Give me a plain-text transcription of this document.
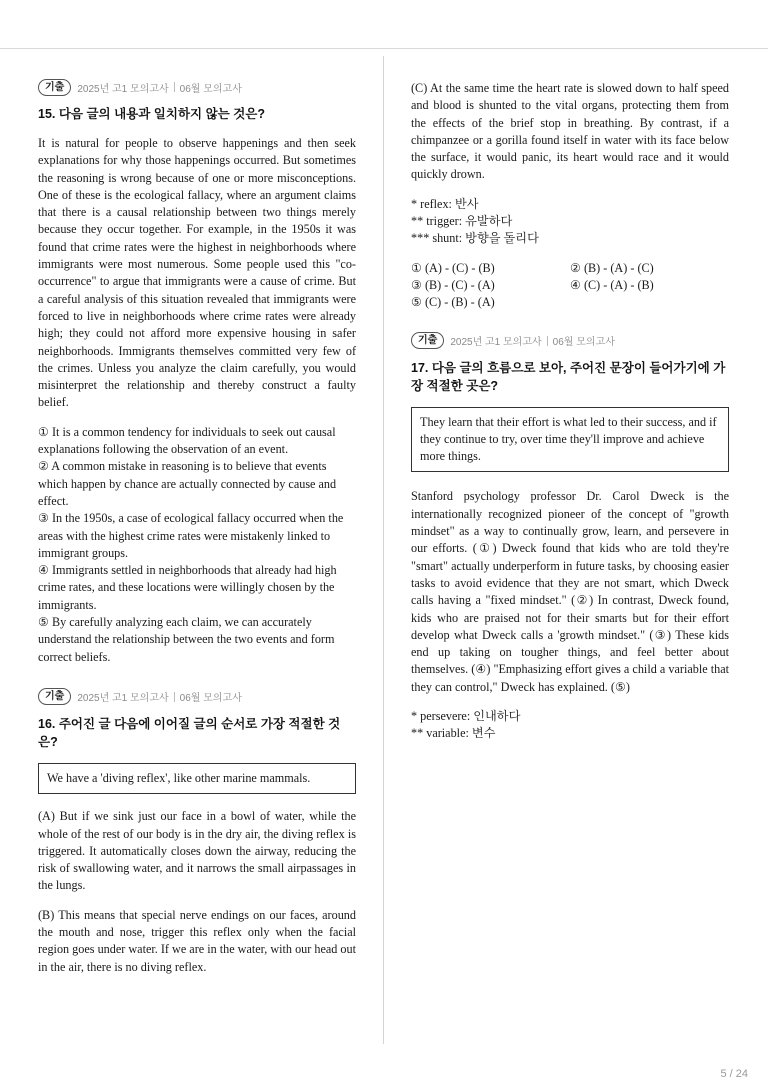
기출	2025년 고1 모의고사 06월 모의고사

15. 다음 글의 내용과 일치하지 않는 것은?

It is natural for people to observe happenings and then seek explanations for why those happenings occurred. But sometimes the reasoning is wrong because of one or more misconceptions. One of these is the ecological fallacy, where an argument claims that there is a causal relationship between two things merely because they occur together. For example, in the 1950s it was found that crime rates were the highest in neighborhoods where immigrants were most numerous. Some people used this "co-occurrence" to argue that immigrants were a cause of crime. But a careful analysis of this situation revealed that immigrants were forced to live in neighborhoods where crime rates were already high; they could not afford more expensive housing in safer neighborhoods. Immigrants themselves committed very few of the crimes. Unless you analyze the claim carefully, you would misinterpret the relationship and thereby construct a faulty belief.

① It is a common tendency for individuals to seek out causal explanations following the observation of an event.

② A common mistake in reasoning is to believe that events which happen by chance are actually connected by cause and effect.

③ In the 1950s, a case of ecological fallacy occurred when the areas with the highest crime rates were mistakenly linked to immigrant groups.

④ Immigrants settled in neighborhoods that already had high crime rates, and these locations were willingly chosen by the immigrants.

⑤ By carefully analyzing each claim, we can accurately understand the relationship between the two events and form correct beliefs.

기출	2025년 고1 모의고사 06월 모의고사

16. 주어진 글 다음에 이어질 글의 순서로 가장 적절한 것은?

We have a 'diving reflex', like other marine mammals.

(A) But if we sink just our face in a bowl of water, while the whole of the rest of our body is in the dry air, the diving reflex is triggered. It automatically closes down the airway, reducing the risk of swallowing water, and it narrows the small airpassages in the lungs.

(B) This means that special nerve endings on our faces, around the mouth and nose, trigger this reflex only when the facial region goes under water. If we are in the water, with our head out in the air, there is no diving reflex.

(C) At the same time the heart rate is slowed down to half speed and blood is shunted to the vital organs, protecting them from the effects of the brief stop in breathing. By contrast, if a chimpanzee or a gorilla found itself in water with its face below the surface, it would panic, its heart would race and it would quickly drown.

* reflex: 반사

** trigger: 유발하다

*** shunt: 방향을 돌리다

① (A) - (C) - (B)	② (B) - (A) - (C)
③ (B) - (C) - (A)	④ (C) - (A) - (B)
⑤ (C) - (B) - (A)
기출	2025년 고1 모의고사 06월 모의고사

17. 다음 글의 흐름으로 보아, 주어진 문장이 들어가기에 가장 적절한 곳은?

They learn that their effort is what led to their success, and if they continue to try, over time they'll improve and achieve more things.

Stanford psychology professor Dr. Carol Dweck is the internationally recognized pioneer of the concept of "growth mindset" as a way to continually grow, learn, and persevere in our efforts. (①) Dweck found that kids who are told they're "smart" actually underperform in future tasks, by choosing easier tasks to avoid evidence that they are not smart, which Dweck calls having a "fixed mindset." (②) In contrast, Dweck found, kids who are praised not for their smarts but for their effort develop what Dweck calls a 'growth mindset." (③) These kids end up taking on tougher things, and feel better about themselves. (④) "Emphasizing effort gives a child a variable that they can control," Dweck has explained. (⑤)

* persevere: 인내하다

** variable: 변수

5 / 24
